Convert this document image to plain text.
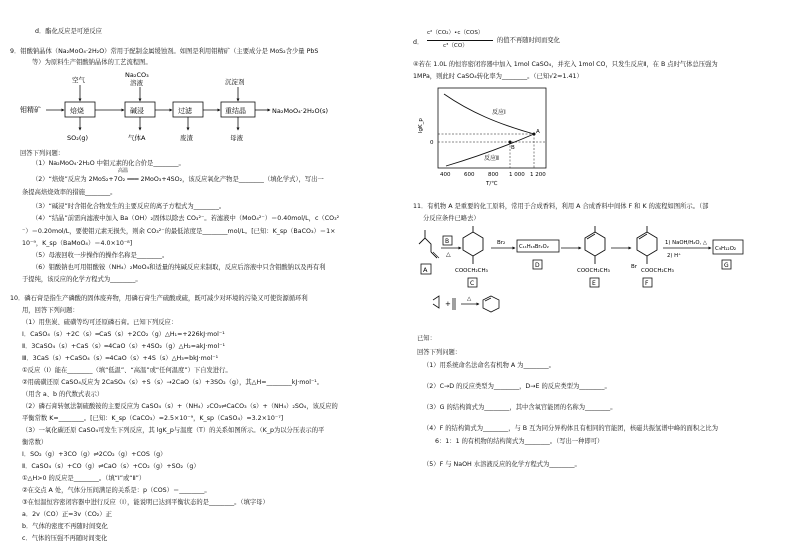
d．酯化反应是可逆反应
9．钼酸钠晶体（Na₂MoO₄·2H₂O）常用于配制金属缓蚀剂。如图是利用钼精矿（主要成分是 MoS₂含少量 PbS
等）为原料生产钼酸钠晶体的工艺流程图。
钼精矿	焙烧	碱浸	过滤	重结晶	Na₂MoO₄·2H₂O(s)
空气
Na₂CO₃
溶液	沉淀剂
SO₂(g)	气体A	废渣	母液
回答下列问题：
（1）Na₂MoO₄·2H₂O 中钼元素的化合价是________。
高温
（2）“焙烧”反应为 2MoS₂+7O₂ ═══ 2MoO₃+4SO₂，该反应氧化产物是________（填化学式），写出一
条提高焙烧效率的措施________。
（3）“碱浸”时含钼化合物发生的主要反应的离子方程式为________。
（4）“结晶”前需向滤液中加入 Ba（OH）₂固体以除去 CO₃²⁻。若滤液中（MoO₄²⁻）＝0.40mol/L，c（CO₃²
⁻）＝0.20mol/L，要使钼元素无损失，则余 CO₃²⁻的最低浓度是________mol/L。[已知：K_sp（BaCO₃）＝1×
10⁻⁹，K_sp（BaMoO₄）＝4.0×10⁻⁸]
（5）母液回收一步操作的操作名称是________。
（6）钼酸钠也可用钼酸铵（NH₄）₂MoO₄和适量的纯碱反应来制取，反应后溶液中只含钼酸钠以及再有利
于提纯，该反应的化学方程式为________。
10．磷石膏是指生产磷酸的固体废弃物，用磷石膏生产硫酸或硫，既可减少对环境的污染又可使资源循环利
用，回答下列问题：
（1）用焦炭、硫磺等均可还原磷石膏。已知下列反应：
Ⅰ．CaSO₄（s）+2C（s）═CaS（s）+2CO₂（g）△H₁=+226kJ·mol⁻¹
Ⅱ．3CaSO₄（s）+CaS（s）═4CaO（s）+4SO₂（g）△H₂=akJ·mol⁻¹
Ⅲ．3CaS（s）+CaSO₄（s）═4CaO（s）+4S（s）△H₃=bkJ·mol⁻¹
①反应（Ⅰ）能在________（填“低温”、“高温”或“任何温度”）下自发进行。
②用硫磺还原 CaSO₄反应为 2CaSO₄（s）+S（s）→2CaO（s）+3SO₂（g），其△H=________kJ·mol⁻¹。
（用含 a、b 的代数式表示）
（2）磷石膏转氨法制硫酸铵的主要反应为 CaSO₄（s）+（NH₄）₂CO₃⇌CaCO₃（s）+（NH₄）₂SO₄，该反应的
平衡常数 K=________。[已知：K_sp（CaCO₃）=2.5×10⁻⁹，K_sp（CaSO₄）=3.2×10⁻⁷]
（3）一氧化碳还原 CaSO₄可发生下列反应，其 lgK_p与温度（T）的关系如图所示。（K_p为以分压表示的平
衡常数）
Ⅰ．SO₂（g）+3CO（g）⇌2CO₂（g）+COS（g）
Ⅱ．CaSO₄（s）+CO（g）⇌CaO（s）+CO₂（g）+SO₂（g）
①△H>0 的反应是________。（填“Ⅰ”或“Ⅱ”）
②在交点 A 处，气体分压间满足的关系是：p（COS）＝________。
③在恒温恒容密闭容器中进行反应（Ⅰ），能说明已达到平衡状态的是________。（填字母）
a．2v（CO）正=3v（CO₂）正
b．气体的密度不再随时间变化
c．气体的压强不再随时间变化
d．
c²（CO₂）•c（COS）
c³（CO）
的值不再随时间而变化
④若在 1.0L 的恒容密闭容器中加入 1mol CaSO₄，并充入 1mol CO，只发生反应Ⅱ，在 B 点时气体总压强为
1MPa，则此时 CaSO₄转化率为________。（已知√2≈1.41）
lgK_p
0
反应Ⅰ
反应Ⅱ
A
B
400 600 800 1 000 1 200
T/℃
11．有机物 A 是重要的化工原料，常用于合成香料，利用 A 合成香料中间体 F 和 K 的流程如图所示。（部
分反应条件已略去）
A
B
△
COOCH₂CH₃
C
Br₂
C₁₁H₁₈Br₂O₂
D
COOCH₂CH₃
E
Br
COOCH₂CH₃
F
1) NaOH/H₂O, △
2) H⁺
C₉H₁₂O₂
G
+
△
已知：
回答下列问题：
（1）用系统命名法命名有机物 A 为________。
（2）C→D 的反应类型为________，D→E 的反应类型为________。
（3）G 的结构简式为________，其中含氧官能团的名称为________。
（4）F 的结构简式为________，与 B 互为同分异构体且有相同的官能团，核磁共振氢谱中峰的面积之比为
6：1：1 的有机物的结构简式为________。（写出一种即可）
（5）F 与 NaOH 水溶液反应的化学方程式为________。
